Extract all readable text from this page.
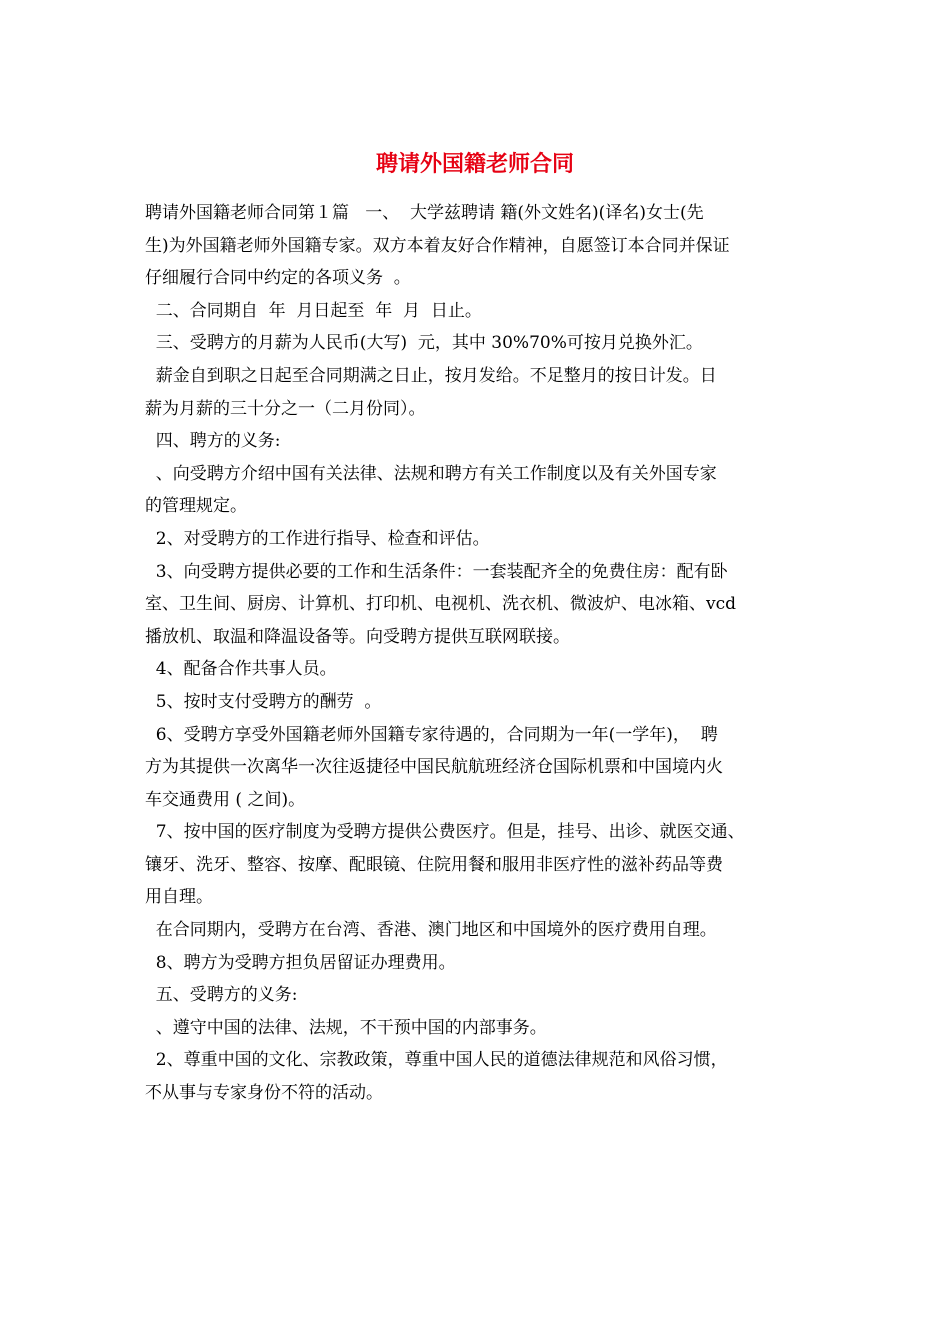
聘请外国籍老师合同
聘请外国籍老师合同第１篇   一、  大学兹聘请 籍(外文姓名)(译名)女士(先
生)为外国籍老师外国籍专家。双方本着友好合作精神，自愿签订本合同并保证
仔细履行合同中约定的各项义务  。
二、合同期自  年  月日起至  年  月  日止。
三、受聘方的月薪为人民币(大写)  元，其中 30%70%可按月兑换外汇。
薪金自到职之日起至合同期满之日止，按月发给。不足整月的按日计发。日
薪为月薪的三十分之一（二月份同）。
四、聘方的义务:
、向受聘方介绍中国有关法律、法规和聘方有关工作制度以及有关外国专家
的管理规定。
2、对受聘方的工作进行指导、检查和评估。
3、向受聘方提供必要的工作和生活条件：一套装配齐全的免费住房：配有卧
室、卫生间、厨房、计算机、打印机、电视机、洗衣机、微波炉、电冰箱、vcd
播放机、取温和降温设备等。向受聘方提供互联网联接。
4、配备合作共事人员。
5、按时支付受聘方的酬劳  。
6、受聘方享受外国籍老师外国籍专家待遇的，合同期为一年(一学年)，  聘
方为其提供一次离华一次往返捷径中国民航航班经济仓国际机票和中国境内火
车交通费用 ( 之间)。
7、按中国的医疗制度为受聘方提供公费医疗。但是，挂号、出诊、就医交通、
镶牙、洗牙、整容、按摩、配眼镜、住院用餐和服用非医疗性的滋补药品等费
用自理。
在合同期内，受聘方在台湾、香港、澳门地区和中国境外的医疗费用自理。
8、聘方为受聘方担负居留证办理费用。
五、受聘方的义务:
、遵守中国的法律、法规，不干预中国的内部事务。
2、尊重中国的文化、宗教政策，尊重中国人民的道德法律规范和风俗习惯，
不从事与专家身份不符的活动。
